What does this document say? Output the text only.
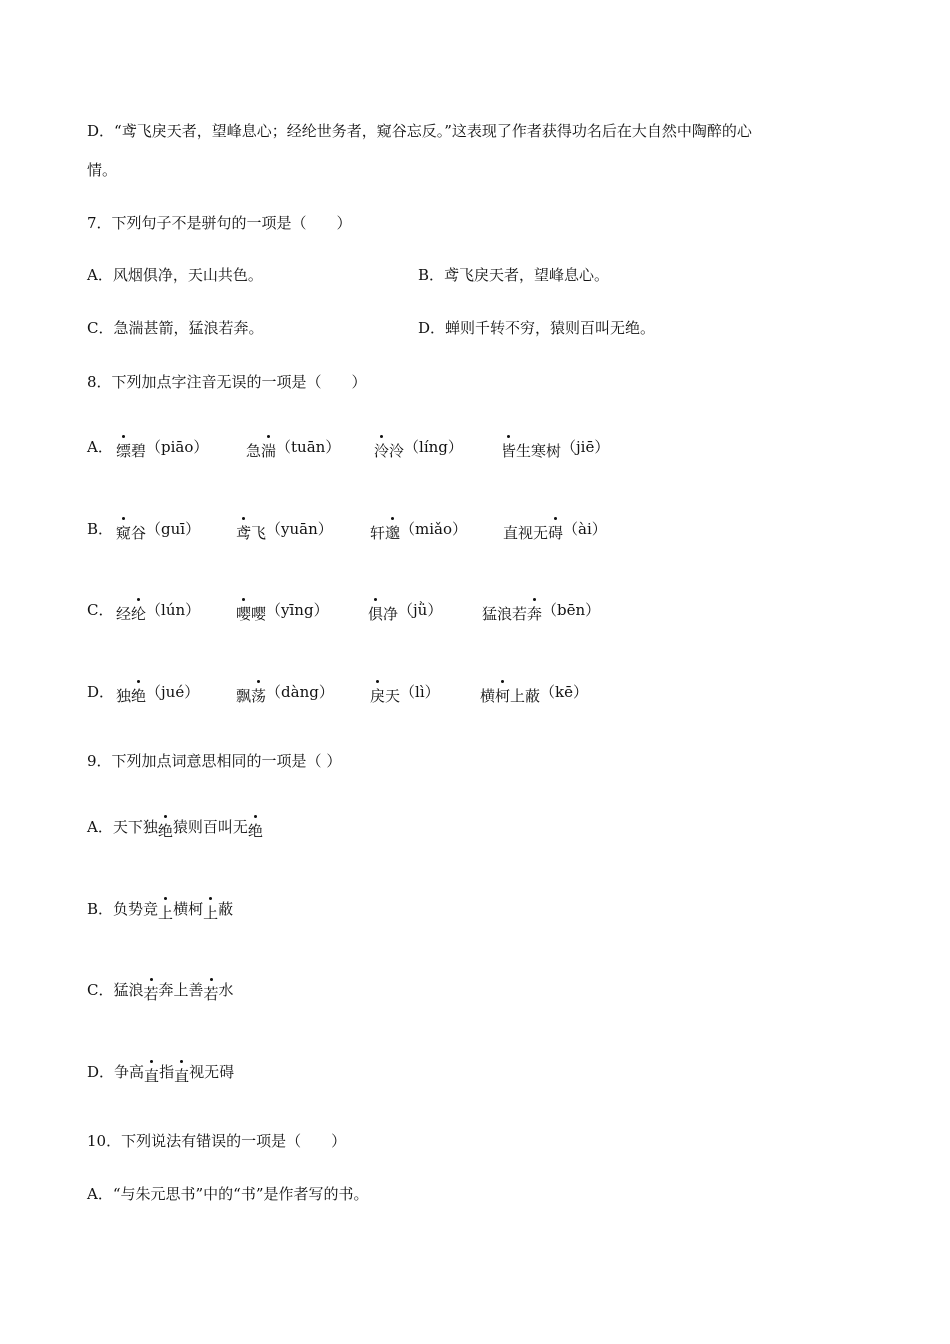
D．“鸢飞戾天者，望峰息心；经纶世务者，窥谷忘反。”这表现了作者获得功名后在大自然中陶醉的心
情。
7．下列句子不是骈句的一项是（　　）
A．风烟俱净，天山共色。	B．鸢飞戾天者，望峰息心。
C．急湍甚箭，猛浪若奔。	D．蝉则千转不穷，猿则百叫无绝。
8．下列加点字注音无误的一项是（　　）
A． 缥碧（piāo）	急湍（tuān） 泠泠（líng）	皆生寒树（jiē）
B． 窥谷（guī） 鸢飞（yuān） 轩邈（miǎo） 直视无碍（ài）
C． 经纶（lún） 嘤嘤（yīng）	俱净（jǜ）	猛浪若奔（bēn）
D． 独绝（jué） 飘荡（dàng） 戾天（lì）	横柯上蔽（kē）
9．下列加点词意思相同的一项是（ ）
A．天下独绝猿则百叫无绝
B．负势竞上横柯上蔽
C．猛浪若奔上善若水
D．争高直指直视无碍
10．下列说法有错误的一项是（　　）
A．“与朱元思书”中的“书”是作者写的书。
